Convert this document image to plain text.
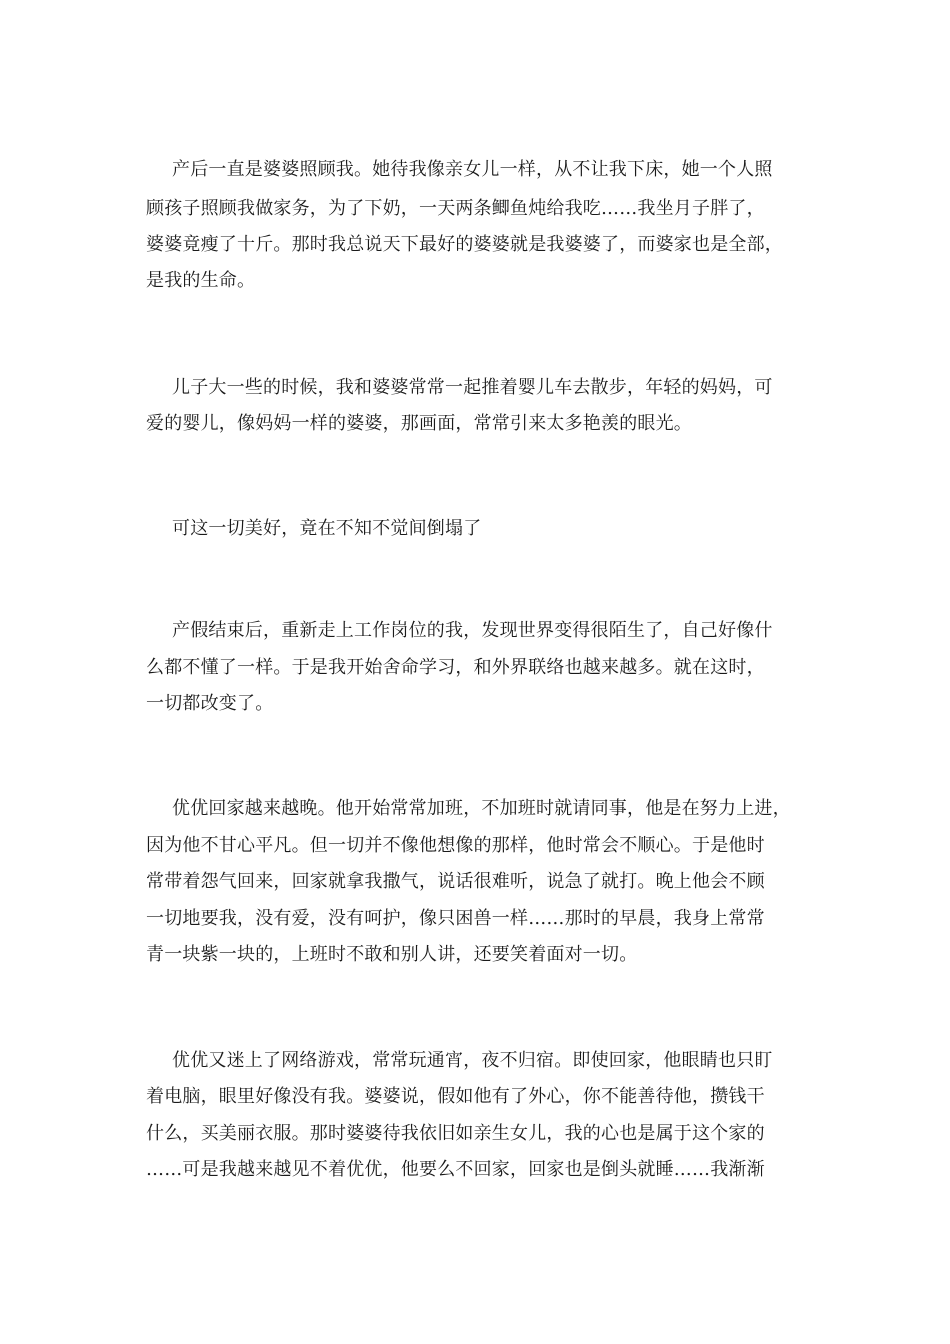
产后一直是婆婆照顾我。她待我像亲女儿一样，从不让我下床，她一个人照
顾孩子照顾我做家务，为了下奶，一天两条鲫鱼炖给我吃……我坐月子胖了，
婆婆竟瘦了十斤。那时我总说天下最好的婆婆就是我婆婆了，而婆家也是全部，
是我的生命。
儿子大一些的时候，我和婆婆常常一起推着婴儿车去散步，年轻的妈妈，可
爱的婴儿，像妈妈一样的婆婆，那画面，常常引来太多艳羡的眼光。
可这一切美好，竟在不知不觉间倒塌了
产假结束后，重新走上工作岗位的我，发现世界变得很陌生了，自己好像什
么都不懂了一样。于是我开始舍命学习，和外界联络也越来越多。就在这时，
一切都改变了。
优优回家越来越晚。他开始常常加班，不加班时就请同事，他是在努力上进，
因为他不甘心平凡。但一切并不像他想像的那样，他时常会不顺心。于是他时
常带着怨气回来，回家就拿我撒气，说话很难听，说急了就打。晚上他会不顾
一切地要我，没有爱，没有呵护，像只困兽一样……那时的早晨，我身上常常
青一块紫一块的，上班时不敢和别人讲，还要笑着面对一切。
优优又迷上了网络游戏，常常玩通宵，夜不归宿。即使回家，他眼睛也只盯
着电脑，眼里好像没有我。婆婆说，假如他有了外心，你不能善待他，攒钱干
什么，买美丽衣服。那时婆婆待我依旧如亲生女儿，我的心也是属于这个家的
……可是我越来越见不着优优，他要么不回家，回家也是倒头就睡……我渐渐
